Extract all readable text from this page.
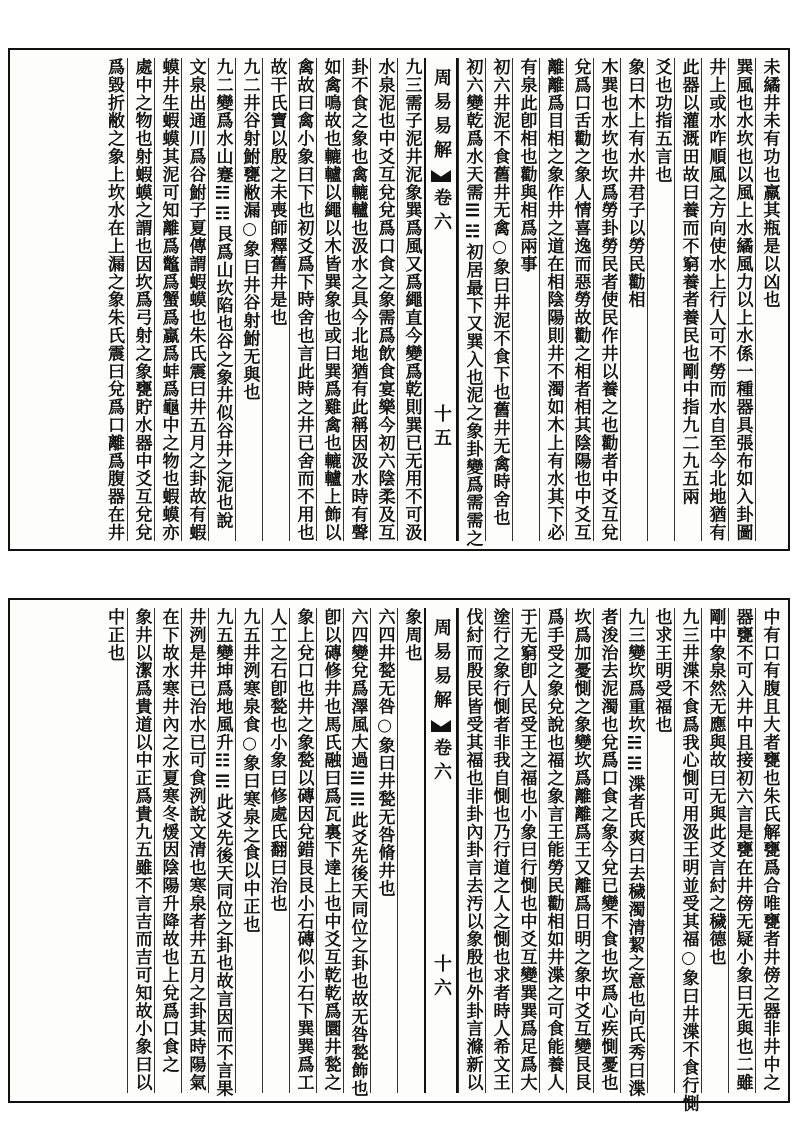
未繘井未有功也羸其瓶是以凶也
巽風也水坎也以風上水繘風力以上水係一種器具張布如入卦圖
井上或水咋順風之方向使水上行人可不勞而水自至今北地猶有
此器以灌溉田故曰養而不窮養者養民也剛中指九二九五兩
爻也功指五言也
象曰木上有水井君子以勞民勸相
木巽也水坎也坎爲勞卦勞民者使民作井以養之也勸者中爻互兌
兌爲口舌勸之象人情喜逸而惡勞故勸之相者相其陰陽也中爻互
離離爲目相之象作井之道在相陰陽則井不濁如木上有水其下必
有泉此卽相也勸與相爲兩事
初六井泥不食舊井无禽○象曰井泥不食下也舊井无禽時舍也
初六變乾爲水天需☰☵初居最下又巽入也泥之象卦變爲需需之
周易易解
卷六
十五
九三需子泥井泥象巽爲風又爲繩直今變爲乾則巽已无用不可汲
水泉泥也中爻互兌兌爲口食之象需爲飲食宴樂今初六陰柔及互
卦不食之象也禽轆轤也汲水之具今北地猶有此稱因汲水時有聲
如禽鳴故也轆轤以繩以木皆巽象也或曰巽爲雞禽也轆轤上飾以
禽故曰禽小象曰下也初爻爲下時舍也言此時之井已舍而不用也
故干氏寶以殷之未喪師釋舊井是也
九二井谷射鮒甕敝漏○象曰井谷射鮒无與也
九二變爲水山蹇☵☶艮爲山坎陷也谷之象井似谷井之泥也說
文泉出通川爲谷鮒子夏傳謂蝦蟆也朱氏震曰井五月之卦故有蝦
蟆井生蝦蟆其泥可知離爲鼈爲蟹爲蠃爲蚌爲龜中之物也蝦蟆亦
處中之物也射蝦蟆之謂也因坎爲弓射之象甕貯水器中爻互兌兌
爲毀折敝之象上坎水在上漏之象朱氏震曰兌爲口離爲腹器在井
中有口有腹且大者甕也朱氏解甕爲合唯甕者井傍之器非井中之
器甕不可入井中且接初六言是甕在井傍无疑小象曰无與也二雖
剛中象泉然无應與故曰无與此爻言紂之穢德也
九三井渫不食爲我心惻可用汲王明並受其福○象曰井渫不食行惻
也求王明受福也
九三變坎爲重坎☵☵渫者氏爽曰去穢濁清絜之意也向氏秀曰渫
者浚治去泥濁也兌爲口食之象今兌已變不食也坎爲心疾惻憂也
坎爲加憂惻之象變坎爲離離爲王又離爲日明之象中爻互變艮艮
爲手受之象兌說也福之象言王能勞民勸相如井渫之可食能養人
于无窮卽人民受王之福也小象曰行惻也中爻互變巽巽爲足爲大
塗行之象行惻者非我自惻也乃行道之人之惻也求者時人希文王
伐紂而殷民皆受其福也非卦內卦言去汚以象殷也外卦言滌新以
周易易解
卷六
十六
象周也
六四井甃无咎○象曰井甃无咎脩井也
六四變兌爲澤風大過☱☴此爻先後天同位之卦也故无咎甃飾也
卽以磚修井也馬氏融曰爲瓦裏下達上也中爻互乾乾爲圜井甃之
象上兌口也井之象甃以磚因兌錯艮艮小石磚似小石下巽巽爲工
人工之石卽甃也小象曰修處氏翻曰治也
九五井洌寒泉食○象曰寒泉之食以中正也
九五變坤爲地風升☷☴此爻先後天同位之卦也故言因而不言果
井洌是井已治水已可食洌說文清也寒泉者井五月之卦其時陽氣
在下故水寒井內之水夏寒冬煖因陰陽升降故也上兌爲口食之
象井以潔爲貴道以中正爲貴九五雖不言吉而吉可知故小象曰以
中正也
